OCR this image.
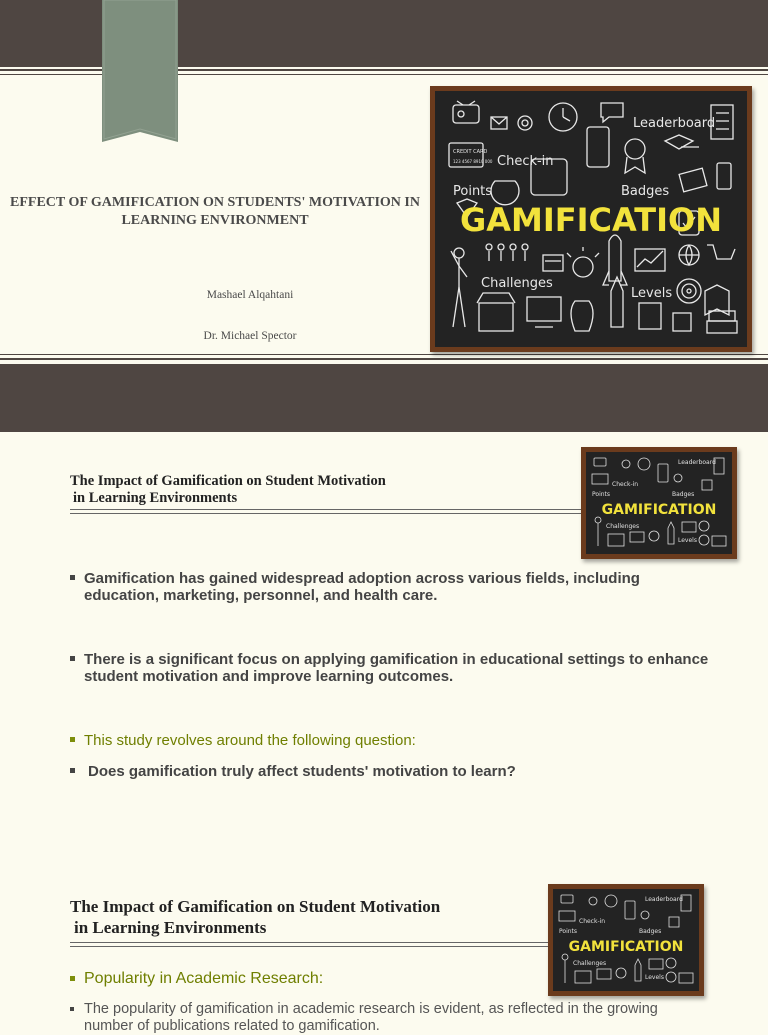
EFFECT OF GAMIFICATION ON STUDENTS' MOTIVATION IN LEARNING ENVIRONMENT
Mashael Alqahtani
Dr. Michael Spector
Leaderboard
Check-in
Points	Badges
Challenges
Levels
CREDIT CARD
123 4567 8910 000
GAMIFICATION
The Impact of Gamification on Student Motivation
in Learning Environments
Leaderboard
Check-in
Points	Badges
Challenges
Levels
GAMIFICATION
Gamification has gained widespread adoption across various fields, including education, marketing, personnel, and health care.
There is a significant focus on applying gamification in educational settings to enhance student motivation and improve learning outcomes.
This study revolves around the following question:
Does gamification truly affect students' motivation to learn?
The Impact of Gamification on Student Motivation
in Learning Environments
Leaderboard
Check-in
Points	Badges
Challenges
Levels
GAMIFICATION
Popularity in Academic Research:
The popularity of gamification in academic research is evident, as reflected in the growing number of publications related to gamification.
